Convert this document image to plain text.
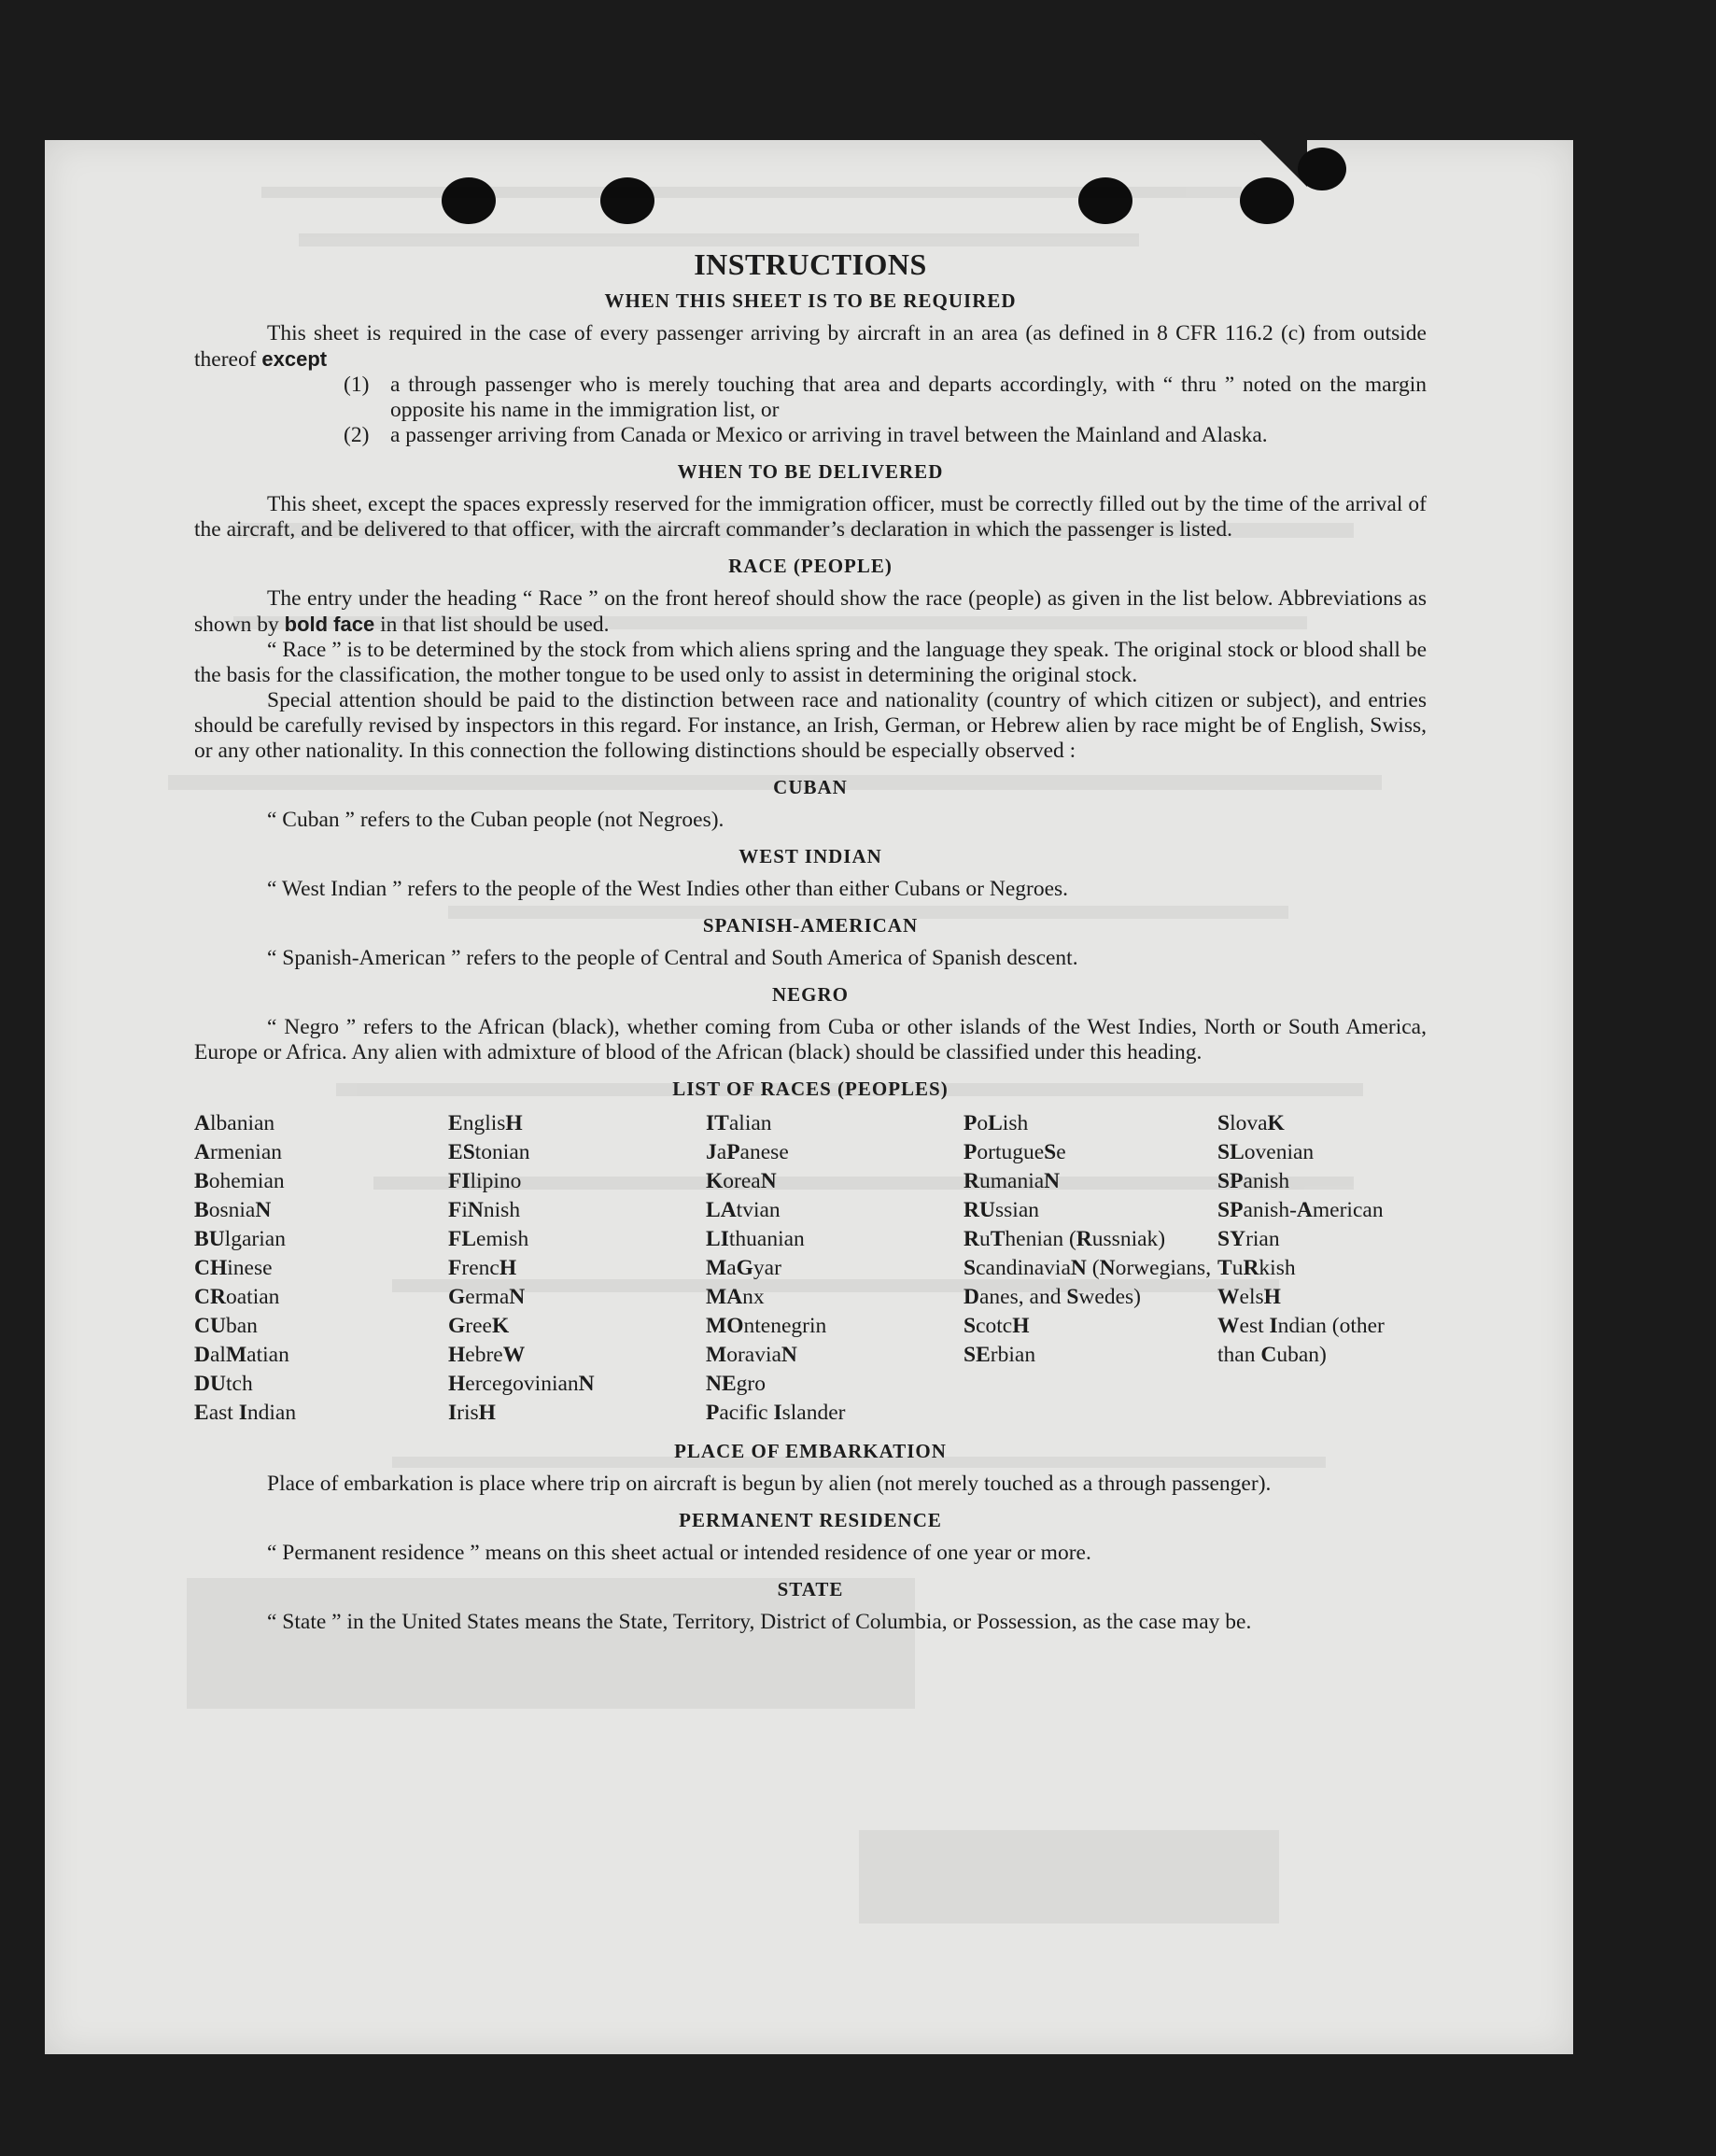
INSTRUCTIONS
WHEN THIS SHEET IS TO BE REQUIRED

This sheet is required in the case of every passenger arriving by aircraft in an area (as defined in 8 CFR 116.2 (c) from outside thereof except

(1) a through passenger who is merely touching that area and departs accordingly, with “ thru ” noted on the margin opposite his name in the immigration list, or
(2) a passenger arriving from Canada or Mexico or arriving in travel between the Mainland and Alaska.
WHEN TO BE DELIVERED

This sheet, except the spaces expressly reserved for the immigration officer, must be correctly filled out by the time of the arrival of the aircraft, and be delivered to that officer, with the aircraft commander’s declaration in which the passenger is listed.

RACE (PEOPLE)

The entry under the heading “ Race ” on the front hereof should show the race (people) as given in the list below. Abbreviations as shown by bold face in that list should be used.

“ Race ” is to be determined by the stock from which aliens spring and the language they speak. The original stock or blood shall be the basis for the classification, the mother tongue to be used only to assist in determining the original stock.

Special attention should be paid to the distinction between race and nationality (country of which citizen or subject), and entries should be carefully revised by inspectors in this regard. For instance, an Irish, German, or Hebrew alien by race might be of English, Swiss, or any other nationality. In this connection the following distinctions should be especially observed :

CUBAN

“ Cuban ” refers to the Cuban people (not Negroes).

WEST INDIAN

“ West Indian ” refers to the people of the West Indies other than either Cubans or Negroes.

SPANISH-AMERICAN

“ Spanish-American ” refers to the people of Central and South America of Spanish descent.

NEGRO

“ Negro ” refers to the African (black), whether coming from Cuba or other islands of the West Indies, North or South America, Europe or Africa. Any alien with admixture of blood of the African (black) should be classified under this heading.

LIST OF RACES (PEOPLES)
Albanian
Armenian
Bohemian
BosniaN
BUlgarian
CHinese
CRoatian
CUban
DalMatian
DUtch
East Indian
EnglisH
EStonian
FIlipino
FiNnish
FLemish
FrencH
GermaN
GreeK
HebreW
HercegovinianN
IrisH
ITalian
JaPanese
KoreaN
LAtvian
LIthuanian
MaGyar
MAnx
MOntenegrin
MoraviaN
NEgro
Pacific Islander
PoLish
PortugueSe
RumaniaN
RUssian
RuThenian (Russniak)
ScandinaviaN (Norwegians, Danes, and Swedes)
ScotcH
SErbian
SlovaK
SLovenian
SPanish
SPanish-American
SYrian
TuRkish
WelsH
West Indian (other than Cuban)
PLACE OF EMBARKATION

Place of embarkation is place where trip on aircraft is begun by alien (not merely touched as a through passenger).

PERMANENT RESIDENCE

“ Permanent residence ” means on this sheet actual or intended residence of one year or more.

STATE

“ State ” in the United States means the State, Territory, District of Columbia, or Possession, as the case may be.
